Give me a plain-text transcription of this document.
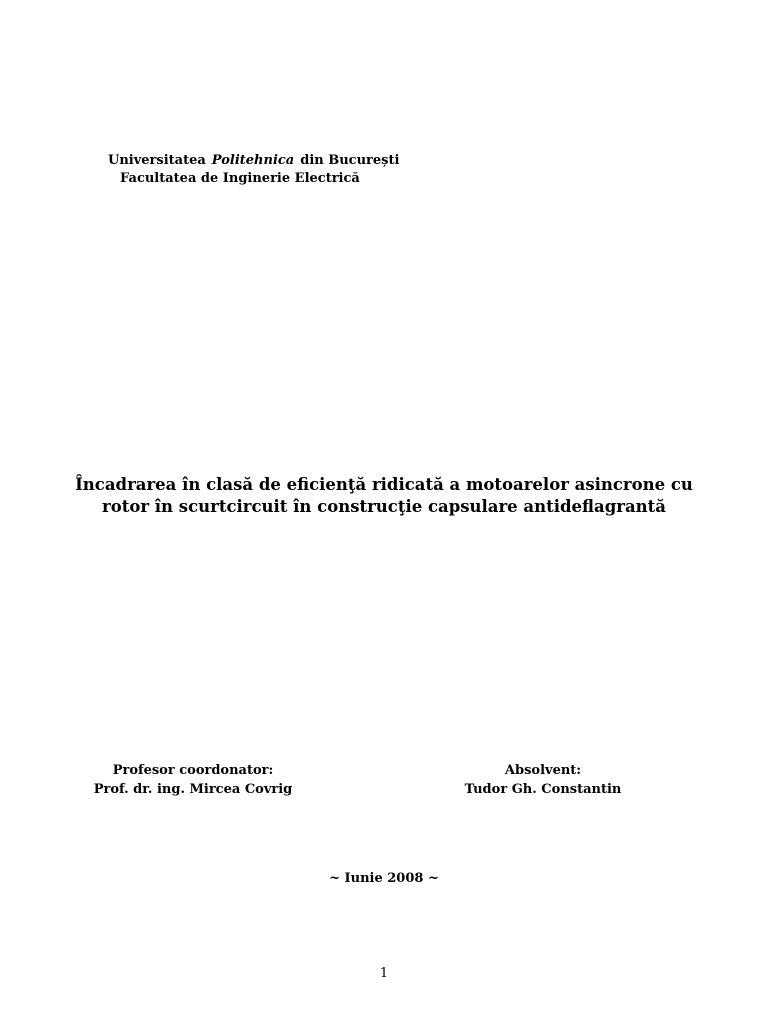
Universitatea Politehnica din București
Facultatea de Inginerie Electrică
Încadrarea în clasă de eficienţă ridicată a motoarelor asincrone cu
rotor în scurtcircuit în construcţie capsulare antideflagrantă
Profesor coordonator:
Prof. dr. ing. Mircea Covrig
Absolvent:
Tudor Gh. Constantin
~ Iunie 2008 ~
1
